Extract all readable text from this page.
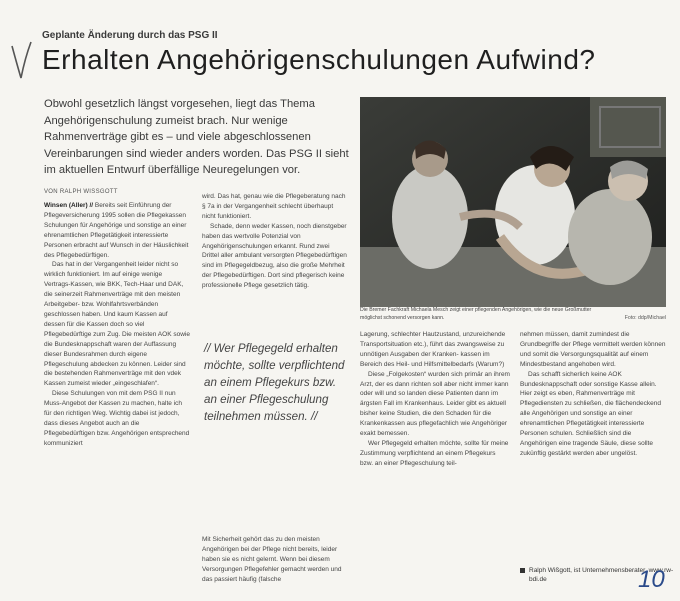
Geplante Änderung durch das PSG II
Erhalten Angehörigenschulungen Aufwind?
Obwohl gesetzlich längst vorgesehen, liegt das Thema Angehörigenschulung zumeist brach. Nur wenige Rahmenverträge gibt es – und viele abgeschlossenen Vereinbarungen sind wieder anders worden. Das PSG II sieht im aktuellen Entwurf überfällige Neuregelungen vor.
VON RALPH WISSGOTT

Winsen (Aller) // Bereits seit Einführung der Pflegeversicherung 1995 sollen die Pflegekassen Schulungen für Angehörige und sonstige an einer ehrenamtlichen Pflegetätigkeit interessierte Personen erbracht auf Wunsch in der Häuslichkeit des Pflegebedürftigen.

Das hat in der Vergangenheit leider nicht so wirklich funktioniert. Im auf einige wenige Vertrags-Kassen, wie BKK, Tech-Haar und DAK, die seinerzeit Rahmenverträge mit den meisten Arbeitgeber- bzw. Wohlfahrtsverbänden geschlossen haben. Und kaum Kassen auf dessen für die Kassen doch so viel Pflegebedürftige zum Zug. Die meisten AOK sowie die Bundesknappschaft waren der Auffassung dieser Bundesrahmen durch eigene Pflegeschulung abdecken zu können. Leider sind die bestehenden Rahmenverträge mit den vdek Kassen zumeist wieder „eingeschlafen“.

Diese Schulungen von mit dem PSG II nun Muss-Angebot der Kassen zu machen, halte ich für den richtigen Weg. Wichtig dabei ist jedoch, dass dieses Angebot auch an die Pflegebedürftigen bzw. Angehörigen entsprechend kommuniziert

wird. Das hat, genau wie die Pflegeberatung nach § 7a in der Vergangenheit schlecht überhaupt nicht funktioniert.

Schade, denn weder Kassen, noch dienstgeber haben das wertvolle Potenzial von Angehörigenschulungen erkannt. Rund zwei Drittel aller ambulant versorgten Pflegebedürftigen sind im Pflegegeldbezug, also die große Mehrheit der Pflegebedürftigen. Dort sind pflegerisch keine professionelle Pflege gesetzlich tätig.

// Wer Pflegegeld erhalten möchte, sollte verpflichtend an einem Pflegekurs bzw. an einer Pflegeschulung teilnehmen müssen. //

Mit Sicherheit gehört das zu den meisten Angehörigen bei der Pflege nicht bereits, leider haben sie es nicht gelernt. Wenn bei diesem Versorgungen Pflegefehler gemacht werden und das passiert häufig (falsche

Die Bremer Fachkraft Michaela Mesch zeigt einer pflegenden Angehörigen, wie die neue Großmutter möglichst schonend versorgen kann.	Foto: ddp/Michael

Lagerung, schlechter Hautzustand, unzureichende Transportsituation etc.), führt das zwangsweise zu unnötigen Ausgaben der Kranken- kassen im Bereich des Heil- und Hilfsmittelbedarfs (Warum?)

Diese „Folgekosten“ wurden sich primär an ihrem Arzt, der es dann richten soll aber nicht immer kann oder will und so landen diese Patienten dann im ärgsten Fall im Krankenhaus. Leider gibt es aktuell bisher keine Studien, die den Schaden für die Krankenkassen aus pflegefachlich wie Angehöriger exakt bemessen.

Wer Pflegegeld erhalten möchte, sollte für meine Zustimmung verpflichtend an einem Pflegekurs bzw. an einer Pflegeschulung teil-

nehmen müssen, damit zumindest die Grundbegriffe der Pflege vermittelt werden können und somit die Versorgungsqualität auf einem Mindestbestand angehoben wird.

Das schafft sicherlich keine AOK Bundesknappschaft oder sonstige Kasse allein. Hier zeigt es eben, Rahmenverträge mit Pflegediensten zu schließen, die flächendeckend alle Angehörigen und sonstige an einer ehrenamtlichen Pflegetätigkeit interessierte Personen schulen. Schließlich sind die Angehörigen eine tragende Säule, diese sollte zukünftig gestärkt werden aber ungelöst.

Ralph Wißgott, ist Unternehmensberater, www.rw-bdi.de	10
